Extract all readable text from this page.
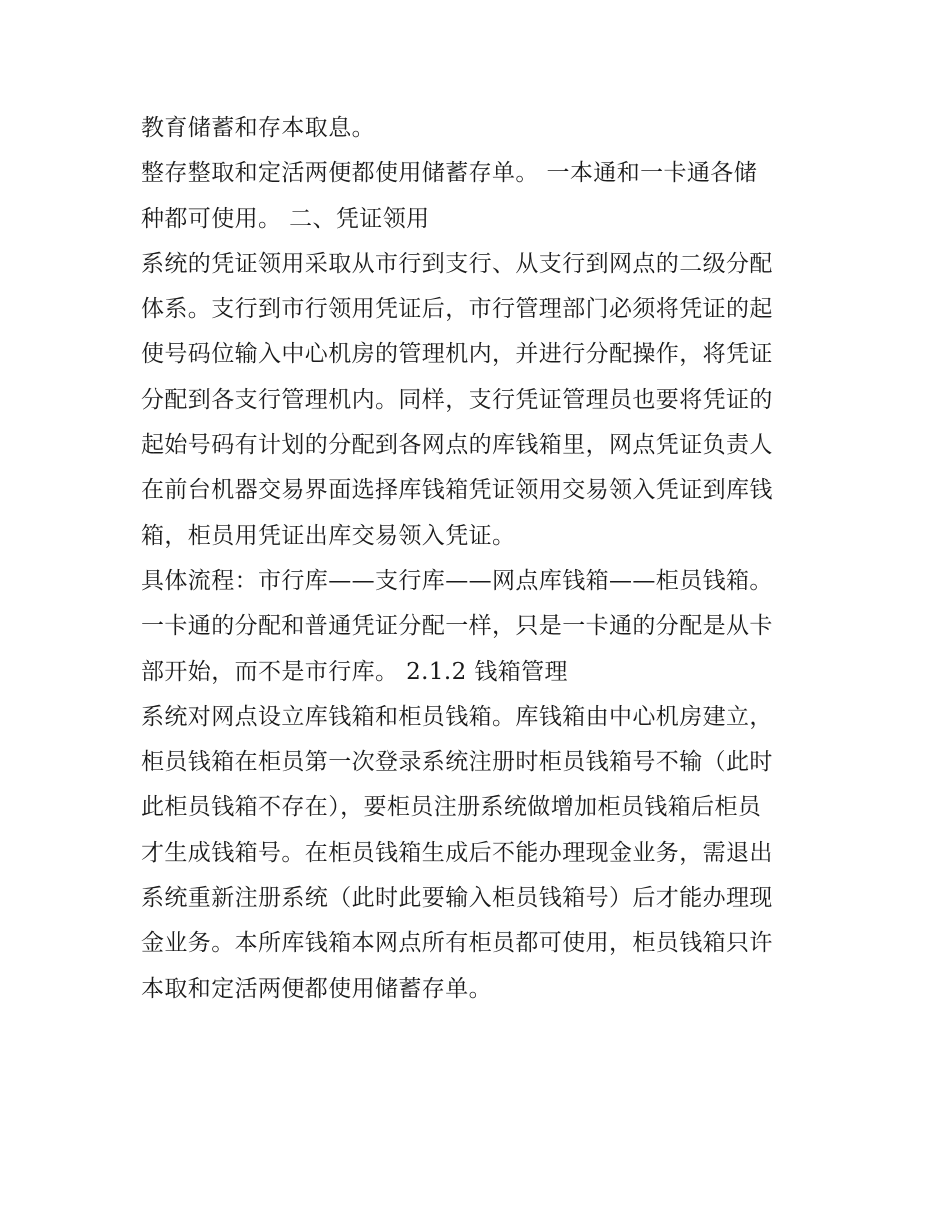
教育储蓄和存本取息。
整存整取和定活两便都使用储蓄存单。 一本通和一卡通各储
种都可使用。 二、凭证领用
系统的凭证领用采取从市行到支行、从支行到网点的二级分配
体系。支行到市行领用凭证后，市行管理部门必须将凭证的起
使号码位输入中心机房的管理机内，并进行分配操作，将凭证
分配到各支行管理机内。同样，支行凭证管理员也要将凭证的
起始号码有计划的分配到各网点的库钱箱里，网点凭证负责人
在前台机器交易界面选择库钱箱凭证领用交易领入凭证到库钱
箱，柜员用凭证出库交易领入凭证。
具体流程：市行库——支行库——网点库钱箱——柜员钱箱。
一卡通的分配和普通凭证分配一样，只是一卡通的分配是从卡
部开始，而不是市行库。 2.1.2 钱箱管理
系统对网点设立库钱箱和柜员钱箱。库钱箱由中心机房建立，
柜员钱箱在柜员第一次登录系统注册时柜员钱箱号不输（此时
此柜员钱箱不存在），要柜员注册系统做增加柜员钱箱后柜员
才生成钱箱号。在柜员钱箱生成后不能办理现金业务，需退出
系统重新注册系统（此时此要输入柜员钱箱号）后才能办理现
金业务。本所库钱箱本网点所有柜员都可使用，柜员钱箱只许
本取和定活两便都使用储蓄存单。
